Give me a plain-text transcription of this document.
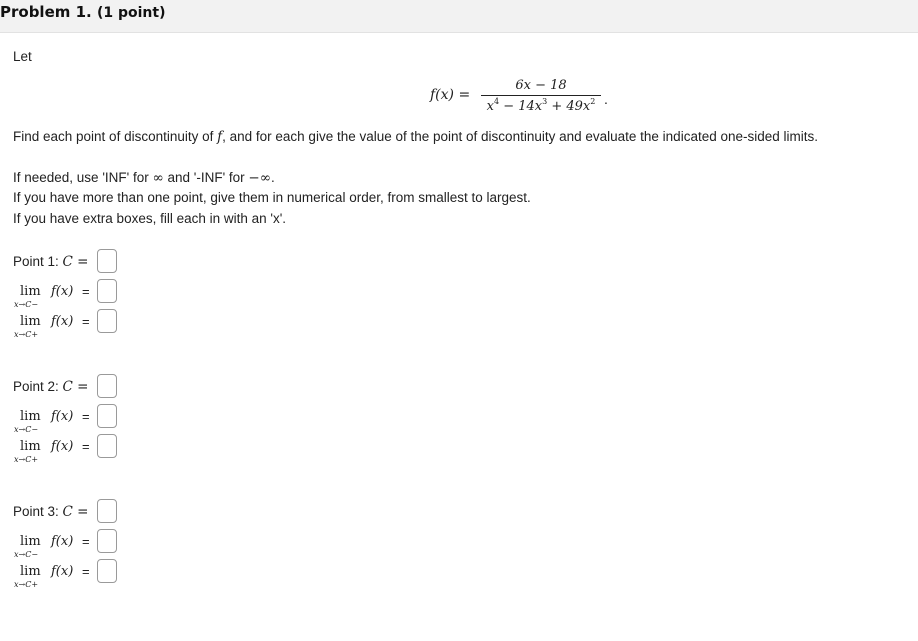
Problem 1. (1 point)
Let
f(x) =
6x − 18
$x^4 - 14x^3 + 49x^2$ .
Find each point of discontinuity of f, and for each give the value of the point of discontinuity and evaluate the indicated one-sided limits.
If needed, use 'INF' for ∞ and '-INF' for −∞.
If you have more than one point, give them in numerical order, from smallest to largest.
If you have extra boxes, fill each in with an 'x'.
Point 1: C =
lim
x→C−
f(x) =
lim
x→C+
f(x) =
Point 2: C =
lim
x→C−
f(x) =
lim
x→C+
f(x) =
Point 3: C =
lim
x→C−
f(x) =
lim
x→C+
f(x) =
